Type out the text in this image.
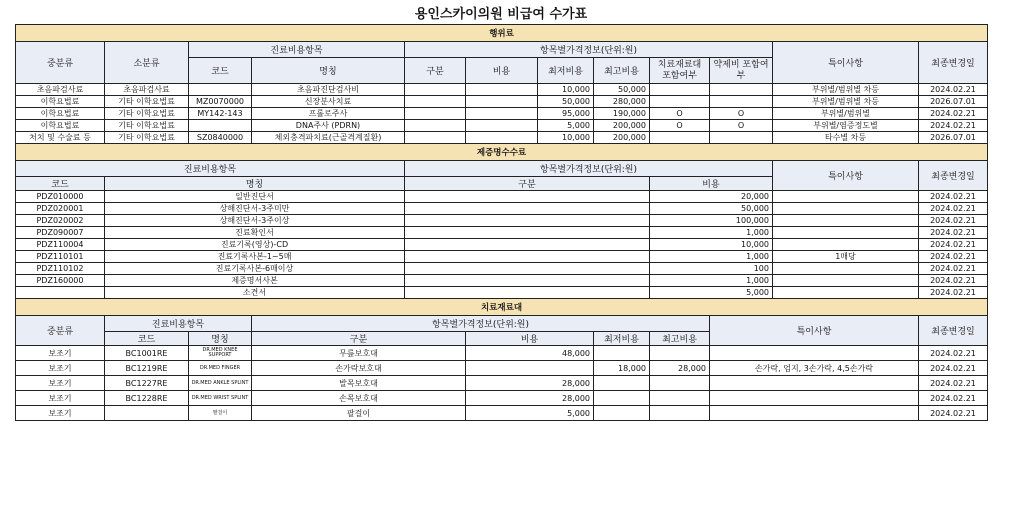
용인스카이의원 비급여 수가표
행위료											
중분류	소분류	진료비용항목		항목별가격정보(단위:원)						특이사항	최종변경일
		코드	명칭	구분	비용	최저비용	최고비용	치료재료대 포함여부	약제비 포함여부		
초음파검사료	초음파검사료		초음파진단검사비			10,000	50,000			부위별/범위별 차등	2024.02.21
이학요법료	기타 이학요법료	MZ0070000	신장분사치료			50,000	280,000			부위별/범위별 차등	2026.07.01
이학요법료	기타 이학요법료	MY142-143	프롤로주사			95,000	190,000	O	O	부위별/범위별	2024.02.21
이학요법료	기타 이학요법료		DNA주사 (PDRN)			5,000	200,000	O	O	부위별/염증정도별	2024.02.21
처치 및 수술료 등	기타 이학요법료	SZ0840000	체외충격파치료(근골격계질환)			10,000	200,000			타수별 차등	2026.07.01
제증명수수료											
진료비용항목				항목별가격정보(단위:원)						특이사항	최종변경일
코드	명칭			구분				비용			
PDZ010000	일반진단서							20,000			2024.02.21
PDZ020001	상해진단서-3주미만							50,000			2024.02.21
PDZ020002	상해진단서-3주이상							100,000			2024.02.21
PDZ090007	진료확인서							1,000			2024.02.21
PDZ110004	진료기록(영상)-CD							10,000			2024.02.21
PDZ110101	진료기록사본-1~5매							1,000		1매당	2024.02.21
PDZ110102	진료기록사본-6매이상							100			2024.02.21
PDZ160000	제증명서사본							1,000			2024.02.21
	소견서							5,000			2024.02.21
치료재료대											
중분류	진료비용항목		항목별가격정보(단위:원)						특이사항		최종변경일
	코드	명칭	구분		비용		최저비용	최고비용			
보조기	BC1001RE	DR.MED KNEE SUPPORT	무릎보호대		48,000						2024.02.21
보조기	BC1219RE	DR.MED FINGER	손가락보호대				18,000	28,000	손가락, 엄지, 3손가락, 4,5손가락		2024.02.21
보조기	BC1227RE	DR.MED ANKLE SPLINT	발목보호대		28,000						2024.02.21
보조기	BC1228RE	DR.MED WRIST SPLINT	손목보호대		28,000						2024.02.21
보조기		팔걸이	팔걸이		5,000						2024.02.21
